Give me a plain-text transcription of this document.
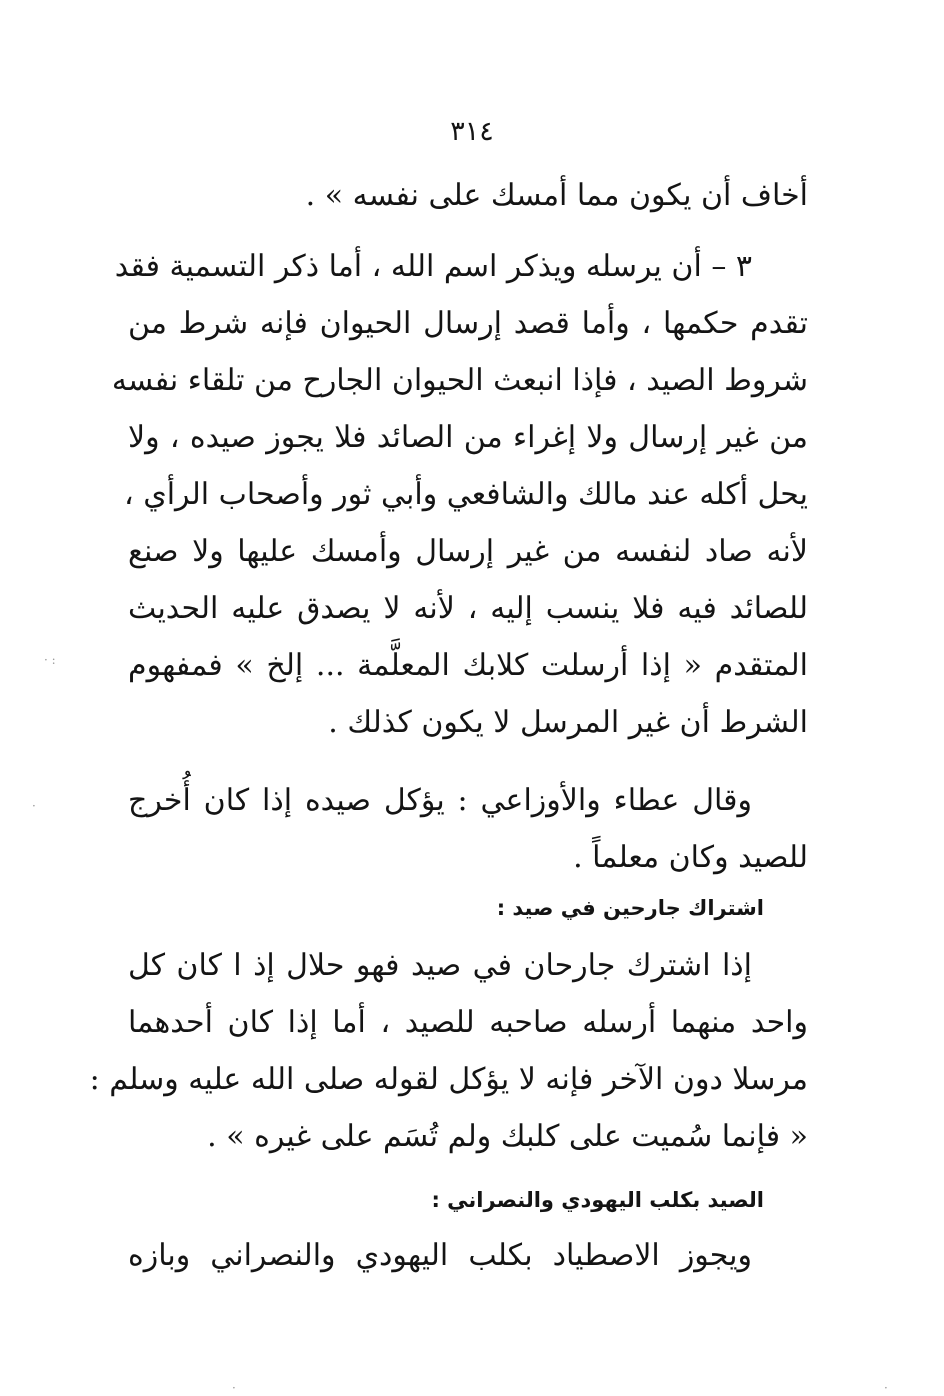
٣١٤
أخاف أن يكون مما أمسك على نفسه » .
٣ – أن يرسله ويذكر اسم الله ، أما ذكر التسمية فقد
تقدم حكمها ، وأما قصد إرسال الحيوان فإنه شرط من
شروط الصيد ، فإذا انبعث الحيوان الجارح من تلقاء نفسه
من غير إرسال ولا إغراء من الصائد فلا يجوز صيده ، ولا
يحل أكله عند مالك والشافعي وأبي ثور وأصحاب الرأي ،
لأنه صاد لنفسه من غير إرسال وأمسك عليها ولا صنع
للصائد فيه فلا ينسب إليه ، لأنه لا يصدق عليه الحديث
المتقدم « إذا أرسلت كلابك المعلَّمة ... إلخ » فمفهوم
الشرط أن غير المرسل لا يكون كذلك .
وقال عطاء والأوزاعي : يؤكل صيده إذا كان أُخرج
للصيد وكان معلماً .
اشتراك جارحين في صيد :
إذا اشترك جارحان في صيد فهو حلال إذ ا كان كل
واحد منهما أرسله صاحبه للصيد ، أما إذا كان أحدهما
مرسلا دون الآخر فإنه لا يؤكل لقوله صلى الله عليه وسلم :
« فإنما سُميت على كلبك ولم تُسَم على غيره » .
الصيد بكلب اليهودي والنصراني :
ويجوز الاصطياد بكلب اليهودي والنصراني وبازه
· :
·
·	·
